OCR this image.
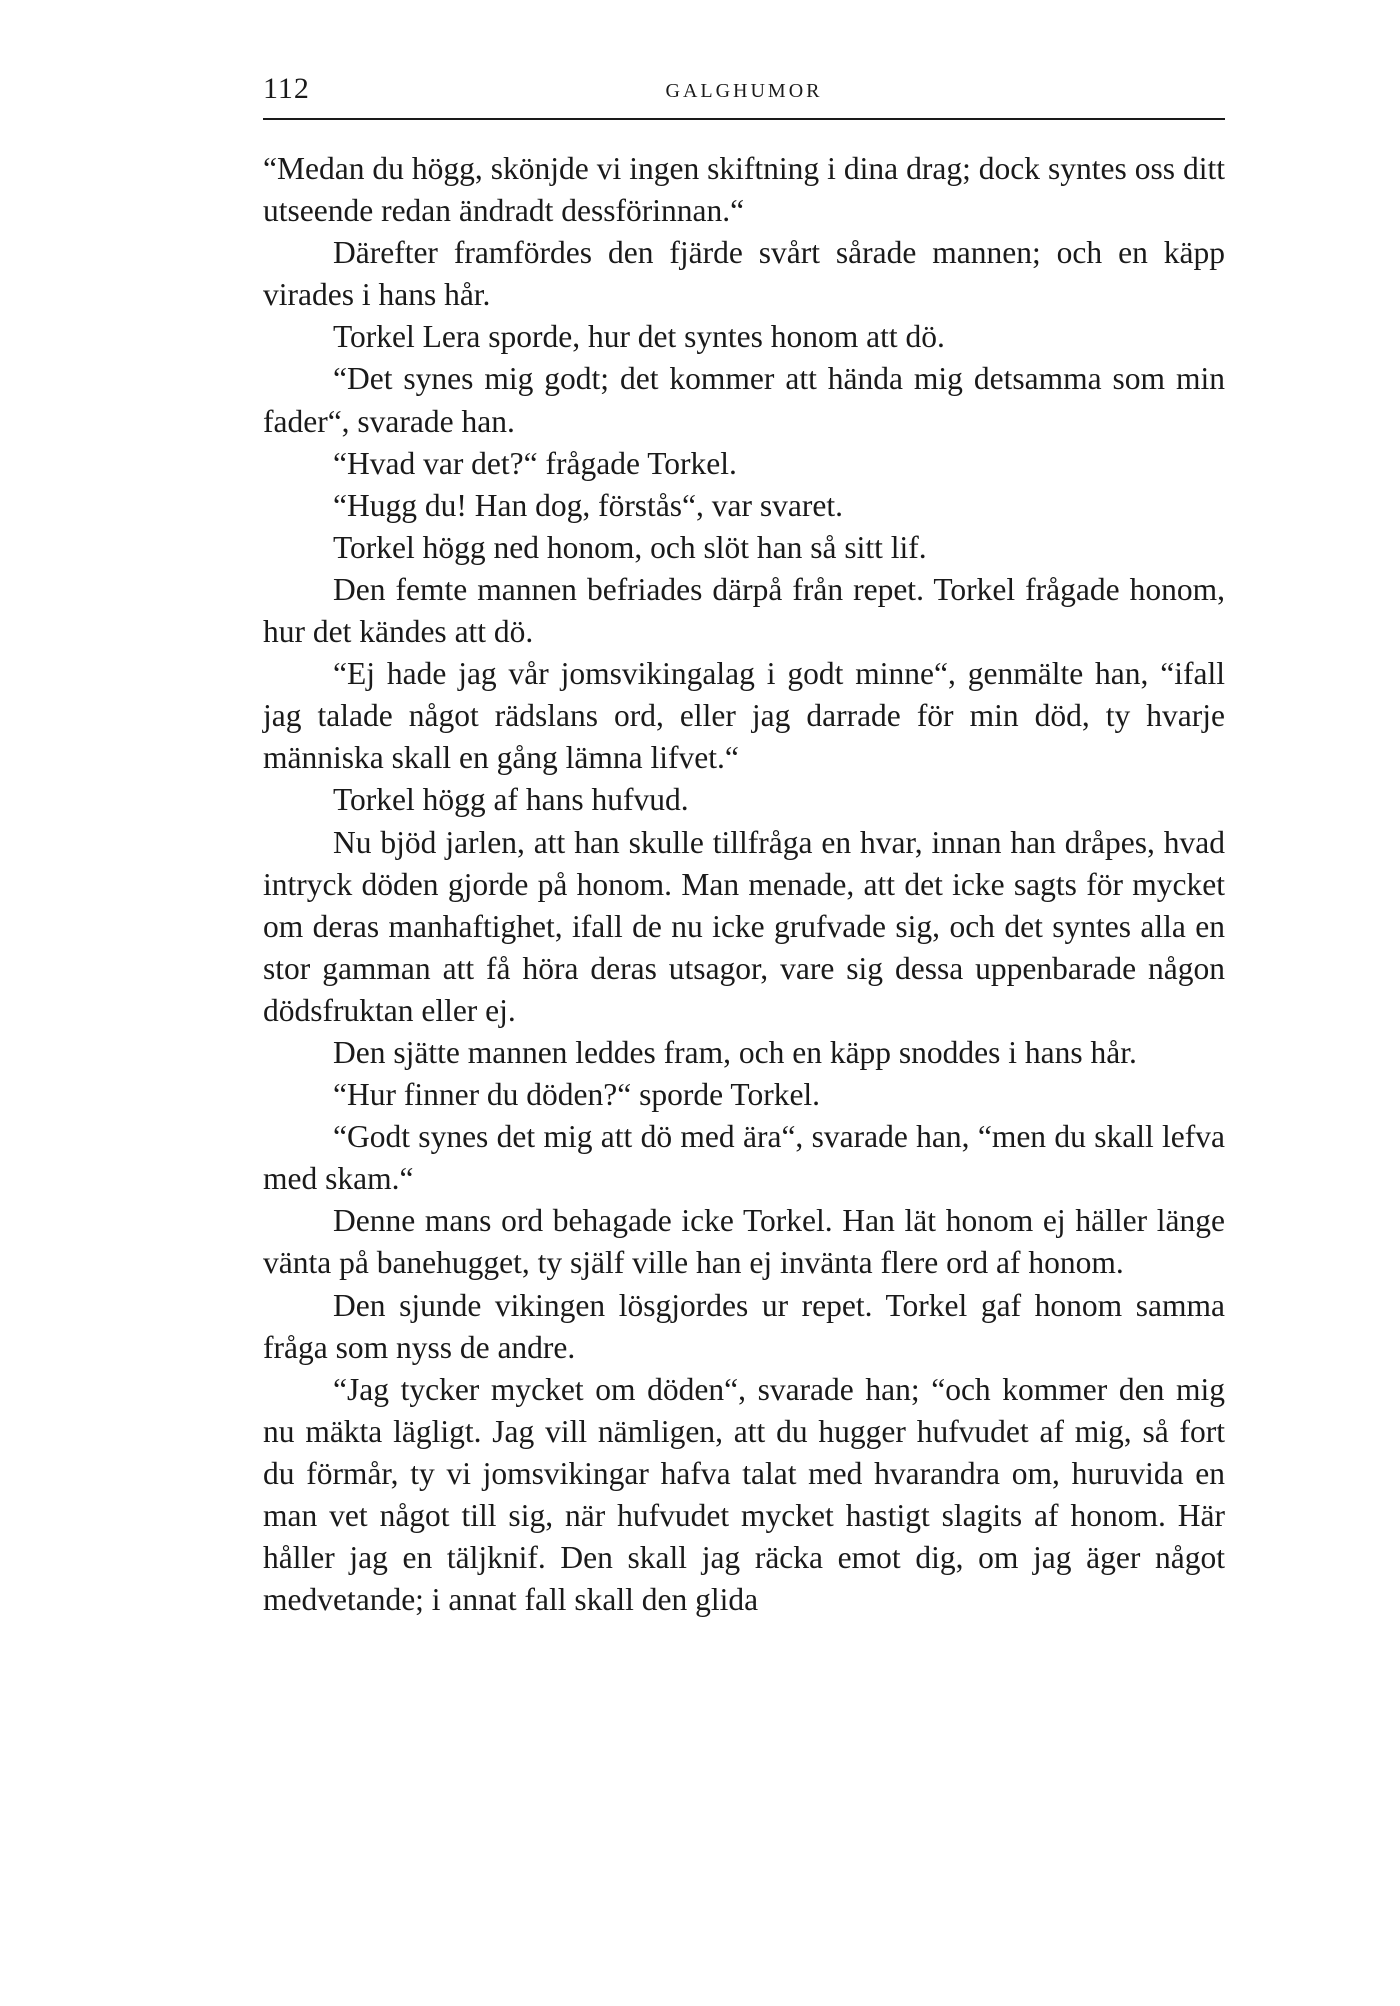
112	GALGHUMOR

“Medan du högg, skönjde vi ingen skiftning i dina drag; dock syntes oss ditt utseende redan ändradt dessförinnan.“

Därefter framfördes den fjärde svårt sårade mannen; och en käpp virades i hans hår.

Torkel Lera sporde, hur det syntes honom att dö.

“Det synes mig godt; det kommer att hända mig detsamma som min fader“, svarade han.

“Hvad var det?“ frågade Torkel.

“Hugg du! Han dog, förstås“, var svaret.

Torkel högg ned honom, och slöt han så sitt lif.

Den femte mannen befriades därpå från repet. Torkel frågade honom, hur det kändes att dö.

“Ej hade jag vår jomsvikingalag i godt minne“, genmälte han, “ifall jag talade något rädslans ord, eller jag darrade för min död, ty hvarje människa skall en gång lämna lifvet.“

Torkel högg af hans hufvud.

Nu bjöd jarlen, att han skulle tillfråga en hvar, innan han dråpes, hvad intryck döden gjorde på honom. Man menade, att det icke sagts för mycket om deras manhaftighet, ifall de nu icke grufvade sig, och det syntes alla en stor gamman att få höra deras utsagor, vare sig dessa uppenbarade någon dödsfruktan eller ej.

Den sjätte mannen leddes fram, och en käpp snoddes i hans hår.

“Hur finner du döden?“ sporde Torkel.

“Godt synes det mig att dö med ära“, svarade han, “men du skall lefva med skam.“

Denne mans ord behagade icke Torkel. Han lät honom ej häller länge vänta på banehugget, ty själf ville han ej invänta flere ord af honom.

Den sjunde vikingen lösgjordes ur repet. Torkel gaf honom samma fråga som nyss de andre.

“Jag tycker mycket om döden“, svarade han; “och kommer den mig nu mäkta lägligt. Jag vill nämligen, att du hugger hufvudet af mig, så fort du förmår, ty vi jomsvikingar hafva talat med hvarandra om, huruvida en man vet något till sig, när hufvudet mycket hastigt slagits af honom. Här håller jag en täljknif. Den skall jag räcka emot dig, om jag äger något medvetande; i annat fall skall den glida
